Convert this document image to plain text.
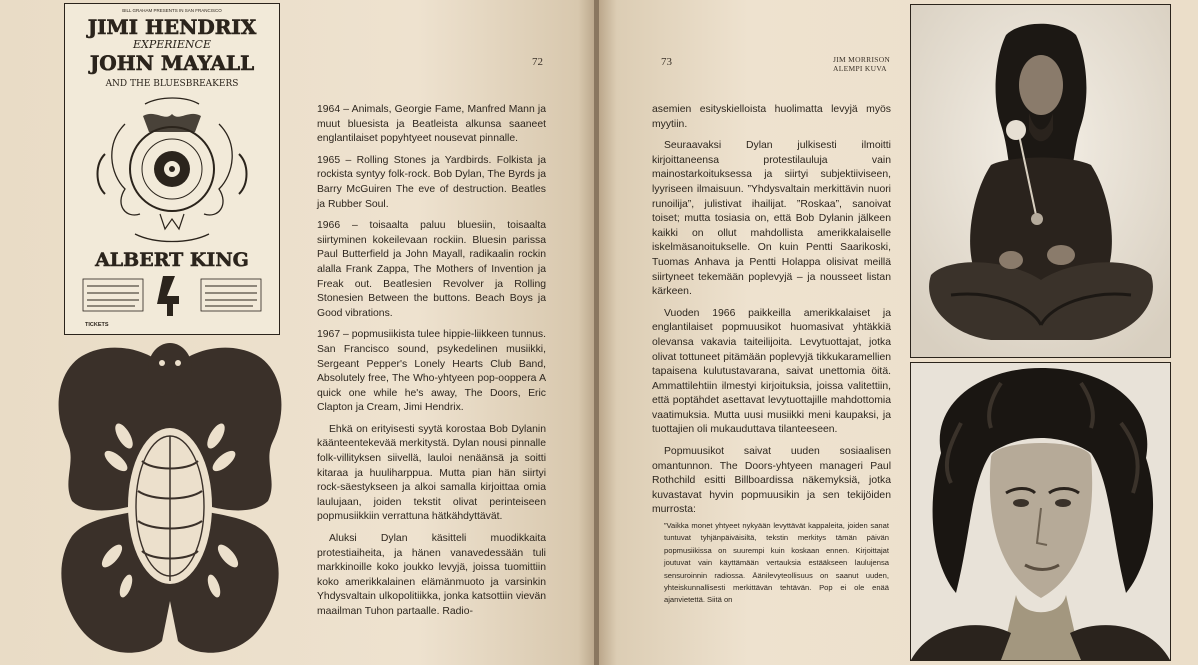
72
BILL GRAHAM PRESENTS IN SAN FRANCISCO
JIMI HENDRIX
EXPERIENCE
JOHN MAYALL
AND THE BLUESBREAKERS
ALBERT KING
TICKETS

1964 – Animals, Georgie Fame, Manfred Mann ja muut bluesista ja Beatleista alkunsa saaneet englantilaiset popyhtyeet nousevat pinnalle.

1965 – Rolling Stones ja Yardbirds. Folkista ja rockista syntyy folk-rock. Bob Dylan, The Byrds ja Barry McGuiren The eve of destruction. Beatles ja Rubber Soul.

1966 – toisaalta paluu bluesiin, toisaalta siirtyminen kokeilevaan rockiin. Bluesin parissa Paul Butterfield ja John Mayall, radikaalin rockin alalla Frank Zappa, The Mothers of Invention ja Freak out. Beatlesien Revolver ja Rolling Stonesien Between the buttons. Beach Boys ja Good vibrations.

1967 – popmusiikista tulee hippie-liikkeen tunnus. San Francisco sound, psykedelinen musiikki, Sergeant Pepper's Lonely Hearts Club Band, Absolutely free, The Who-yhtyeen pop-ooppera A quick one while he's away, The Doors, Eric Clapton ja Cream, Jimi Hendrix.

Ehkä on erityisesti syytä korostaa Bob Dylanin käänteentekevää merkitystä. Dylan nousi pinnalle folk-villityksen siivellä, lauloi nenäänsä ja soitti kitaraa ja huuliharppua. Mutta pian hän siirtyi rock-säestykseen ja alkoi samalla kirjoittaa omia laulujaan, joiden tekstit olivat perinteiseen popmusiikkiin verrattuna hätkähdyttävät.

Aluksi Dylan käsitteli muodikkaita protestiaiheita, ja hänen vanavedessään tuli markkinoille koko joukko levyjä, joissa tuomittiin koko amerikkalainen elämänmuoto ja varsinkin Yhdysvaltain ulkopolitiikka, jonka katsottiin vievän maailman Tuhon partaalle. Radio-

73	JIM MORRISON
ALEMPI KUVA

asemien esityskielloista huolimatta levyjä myös myytiin.

Seuraavaksi Dylan julkisesti ilmoitti kirjoittaneensa protestilauluja vain mainostarkoituksessa ja siirtyi subjektiiviseen, lyyriseen ilmaisuun. ”Yhdysvaltain merkittävin nuori runoilija”, julistivat ihailijat. ”Roskaa”, sanoivat toiset; mutta tosiasia on, että Bob Dylanin jälkeen kaikki on ollut mahdollista amerikkalaiselle iskelmäsanoitukselle. On kuin Pentti Saarikoski, Tuomas Anhava ja Pentti Holappa olisivat meillä siirtyneet tekemään poplevyjä – ja nousseet listan kärkeen.

Vuoden 1966 paikkeilla amerikkalaiset ja englantilaiset popmuusikot huomasivat yhtäkkiä olevansa vakavia taiteilijoita. Levytuottajat, jotka olivat tottuneet pitämään poplevyjä tikkukaramellien tapaisena kulutustavarana, saivat unettomia öitä. Ammattilehtiin ilmestyi kirjoituksia, joissa valitettiin, että poptähdet asettavat levytuottajille mahdottomia vaatimuksia. Mutta uusi musiikki meni kaupaksi, ja tuottajien oli mukauduttava tilanteeseen.

Popmuusikot saivat uuden sosiaalisen omantunnon. The Doors-yhtyeen manageri Paul Rothchild esitti Billboardissa näkemyksiä, jotka kuvastavat hyvin popmuusikin ja sen tekijöiden murrosta:

”Vaikka monet yhtyeet nykyään levyttävät kappaleita, joiden sanat tuntuvat tyhjänpäiväisiltä, tekstin merkitys tämän päivän popmusiikissa on suurempi kuin koskaan ennen. Kirjoittajat joutuvat vain käyttämään vertauksia estääkseen laulujensa sensuroinnin radiossa. Äänilevyteollisuus on saanut uuden, yhteiskunnallisesti merkittävän tehtävän. Pop ei ole enää ajanvietettä. Siitä on
